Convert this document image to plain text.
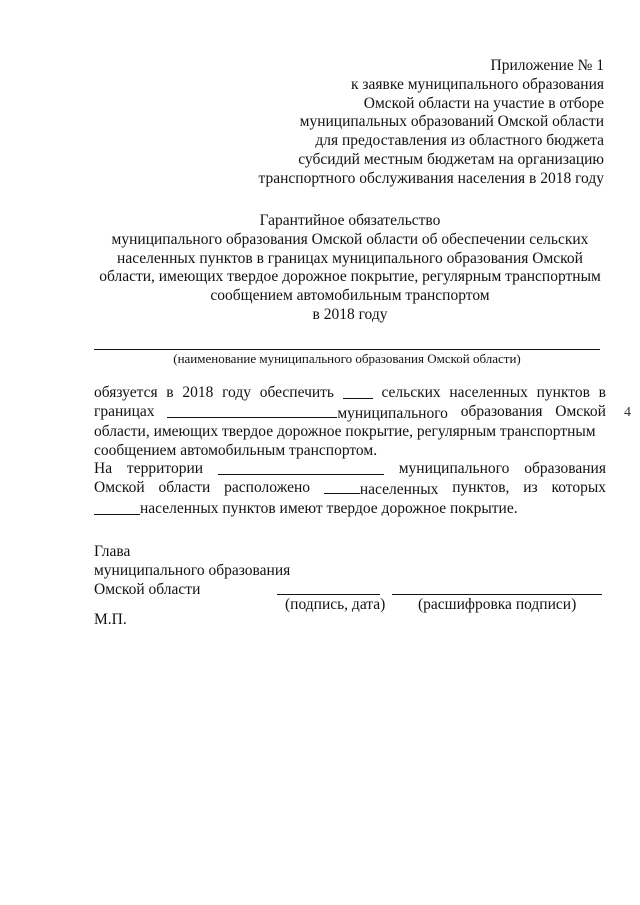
Приложение № 1
к заявке муниципального образования
Омской области на участие в отборе
муниципальных образований Омской области
для предоставления из областного бюджета
субсидий местным бюджетам на организацию
транспортного обслуживания населения в 2018 году
Гарантийное обязательство
муниципального образования Омской области об обеспечении сельских
населенных пунктов в границах муниципального образования Омской
области, имеющих твердое дорожное покрытие, регулярным транспортным
сообщением автомобильным транспортом
в 2018 году
(наименование муниципального образования Омской области)
обязуется в 2018 году обеспечить	сельских населенных пунктов в
границах	муниципального образования Омской
области, имеющих твердое дорожное покрытие, регулярным транспортным
сообщением автомобильным транспортом.
На территории	муниципального образования
Омской области расположено	населенных пунктов, из которых
населенных пунктов имеют твердое дорожное покрытие.
4
Глава
муниципального образования
Омской области
(подпись, дата) (расшифровка подписи)
М.П.
